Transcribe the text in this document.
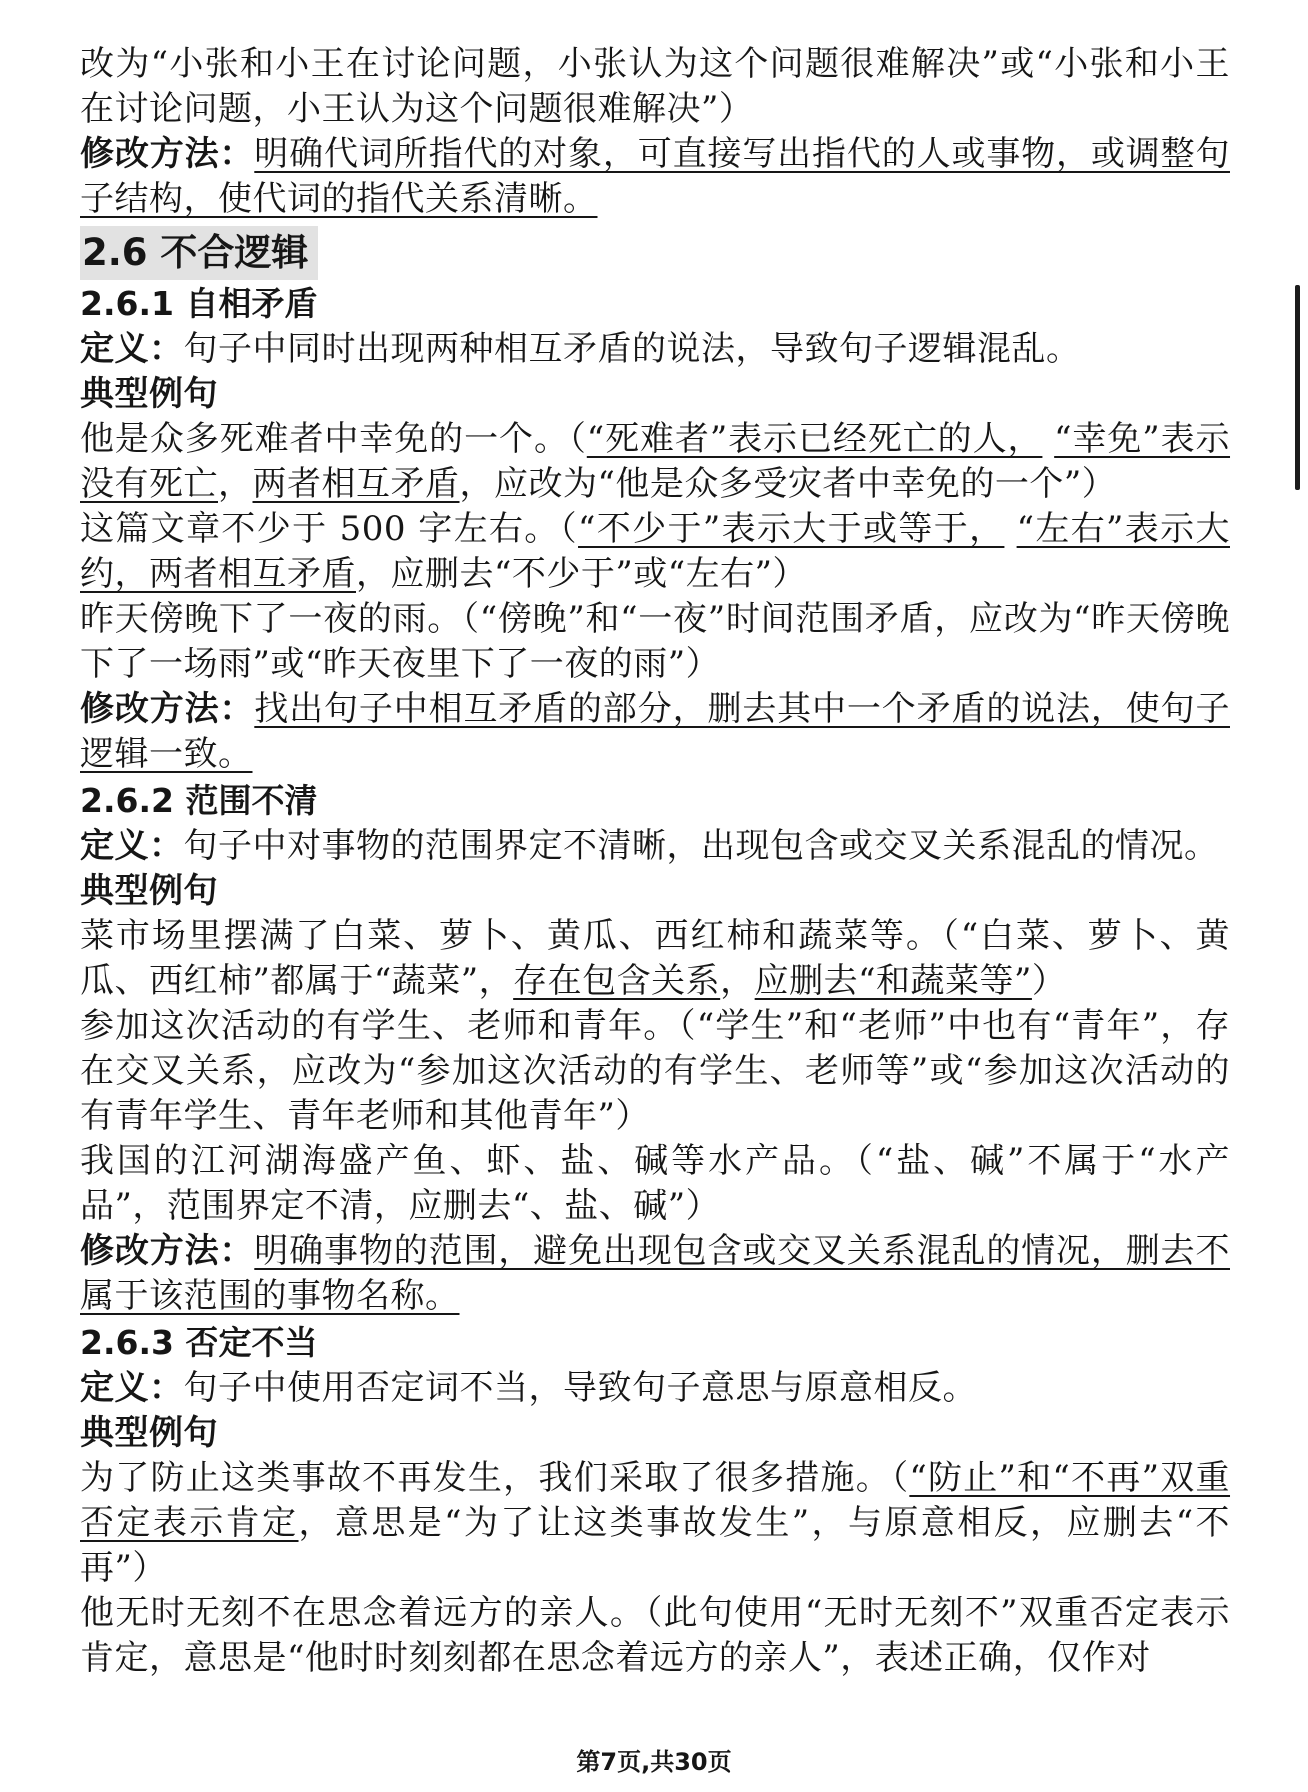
改为“小张和小王在讨论问题，小张认为这个问题很难解决”或“小张和小王在讨论问题，小王认为这个问题很难解决”）

修改方法：明确代词所指代的对象，可直接写出指代的人或事物，或调整句子结构，使代词的指代关系清晰。

2.6 不合逻辑

2.6.1 自相矛盾

定义：句子中同时出现两种相互矛盾的说法，导致句子逻辑混乱。

典型例句

他是众多死难者中幸免的一个。（“死难者”表示已经死亡的人， “幸免”表示没有死亡，两者相互矛盾，应改为“他是众多受灾者中幸免的一个”）

这篇文章不少于 500 字左右。（“不少于”表示大于或等于， “左右”表示大约，两者相互矛盾，应删去“不少于”或“左右”）

昨天傍晚下了一夜的雨。（“傍晚”和“一夜”时间范围矛盾，应改为“昨天傍晚下了一场雨”或“昨天夜里下了一夜的雨”）

修改方法：找出句子中相互矛盾的部分，删去其中一个矛盾的说法，使句子逻辑一致。

2.6.2 范围不清

定义：句子中对事物的范围界定不清晰，出现包含或交叉关系混乱的情况。

典型例句

菜市场里摆满了白菜、萝卜、黄瓜、西红柿和蔬菜等。（“白菜、萝卜、黄瓜、西红柿”都属于“蔬菜”，存在包含关系，应删去“和蔬菜等”）

参加这次活动的有学生、老师和青年。（“学生”和“老师”中也有“青年”，存在交叉关系，应改为“参加这次活动的有学生、老师等”或“参加这次活动的有青年学生、青年老师和其他青年”）

我国的江河湖海盛产鱼、虾、盐、碱等水产品。（“盐、碱”不属于“水产品”，范围界定不清，应删去“、盐、碱”）

修改方法：明确事物的范围，避免出现包含或交叉关系混乱的情况，删去不属于该范围的事物名称。

2.6.3 否定不当

定义：句子中使用否定词不当，导致句子意思与原意相反。

典型例句

为了防止这类事故不再发生，我们采取了很多措施。（“防止”和“不再”双重否定表示肯定，意思是“为了让这类事故发生”，与原意相反，应删去“不再”）

他无时无刻不在思念着远方的亲人。（此句使用“无时无刻不”双重否定表示肯定，意思是“他时时刻刻都在思念着远方的亲人”，表述正确，仅作对

第7页,共30页
